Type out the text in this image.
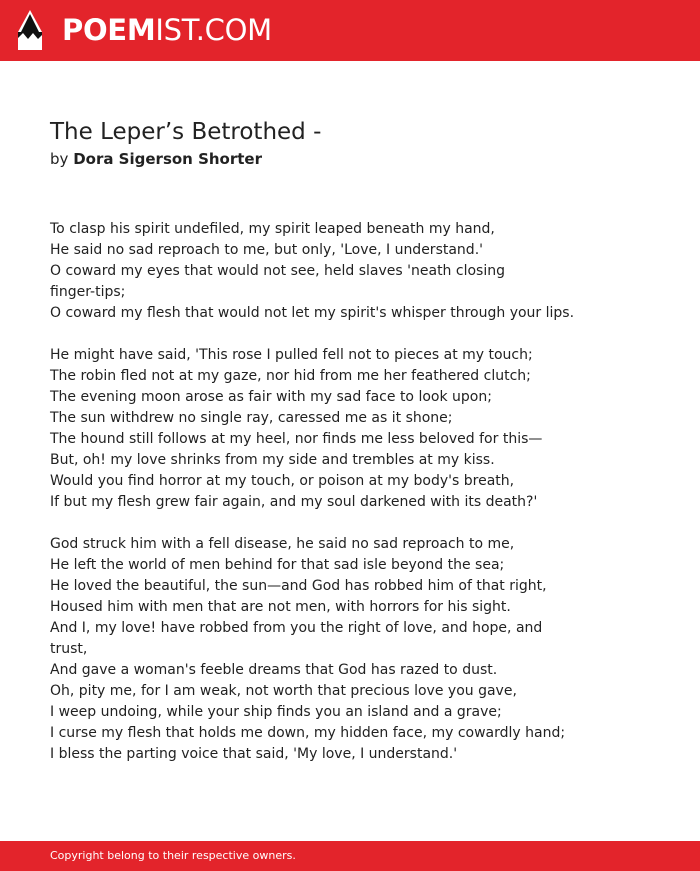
POEMIST.COM
The Leper’s Betrothed -
by Dora Sigerson Shorter
To clasp his spirit undefiled, my spirit leaped beneath my hand,
He said no sad reproach to me, but only, 'Love, I understand.'
O coward my eyes that would not see, held slaves 'neath closing
finger-tips;
O coward my flesh that would not let my spirit's whisper through your lips.
He might have said, 'This rose I pulled fell not to pieces at my touch;
The robin fled not at my gaze, nor hid from me her feathered clutch;
The evening moon arose as fair with my sad face to look upon;
The sun withdrew no single ray, caressed me as it shone;
The hound still follows at my heel, nor finds me less beloved for this—
But, oh! my love shrinks from my side and trembles at my kiss.
Would you find horror at my touch, or poison at my body's breath,
If but my flesh grew fair again, and my soul darkened with its death?'
God struck him with a fell disease, he said no sad reproach to me,
He left the world of men behind for that sad isle beyond the sea;
He loved the beautiful, the sun—and God has robbed him of that right,
Housed him with men that are not men, with horrors for his sight.
And I, my love! have robbed from you the right of love, and hope, and
trust,
And gave a woman's feeble dreams that God has razed to dust.
Oh, pity me, for I am weak, not worth that precious love you gave,
I weep undoing, while your ship finds you an island and a grave;
I curse my flesh that holds me down, my hidden face, my cowardly hand;
I bless the parting voice that said, 'My love, I understand.'
Copyright belong to their respective owners.
